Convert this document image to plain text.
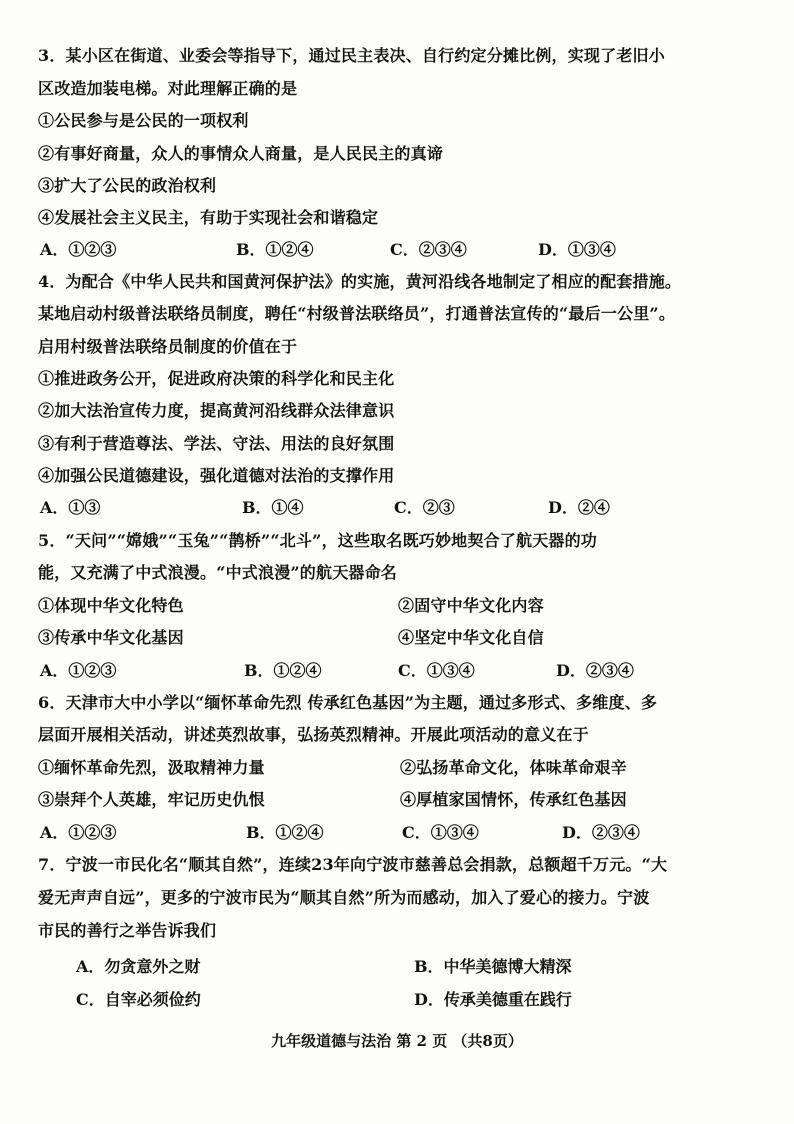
3．某小区在街道、业委会等指导下，通过民主表决、自行约定分摊比例，实现了老旧小
区改造加装电梯。对此理解正确的是
①公民参与是公民的一项权利
②有事好商量，众人的事情众人商量，是人民民主的真谛
③扩大了公民的政治权利
④发展社会主义民主，有助于实现社会和谐稳定
A．①②③	B．①②④	C．②③④	D．①③④
4．为配合《中华人民共和国黄河保护法》的实施，黄河沿线各地制定了相应的配套措施。
某地启动村级普法联络员制度，聘任“村级普法联络员”，打通普法宣传的“最后一公里”。
启用村级普法联络员制度的价值在于
①推进政务公开，促进政府决策的科学化和民主化
②加大法治宣传力度，提高黄河沿线群众法律意识
③有利于营造尊法、学法、守法、用法的良好氛围
④加强公民道德建设，强化道德对法治的支撑作用
A．①③	B．①④	C．②③	D．②④
5．“天问”“嫦娥”“玉兔”“鹊桥”“北斗”，这些取名既巧妙地契合了航天器的功
能，又充满了中式浪漫。“中式浪漫”的航天器命名
①体现中华文化特色	②固守中华文化内容
③传承中华文化基因	④坚定中华文化自信
A．①②③	B．①②④	C．①③④	D．②③④
6．天津市大中小学以“缅怀革命先烈 传承红色基因”为主题，通过多形式、多维度、多
层面开展相关活动，讲述英烈故事，弘扬英烈精神。开展此项活动的意义在于
①缅怀革命先烈，汲取精神力量	②弘扬革命文化，体味革命艰辛
③崇拜个人英雄，牢记历史仇恨	④厚植家国情怀，传承红色基因
A．①②③	B．①②④	C．①③④	D．②③④
7．宁波一市民化名“顺其自然”，连续23年向宁波市慈善总会捐款，总额超千万元。“大
爱无声声自远”，更多的宁波市民为“顺其自然”所为而感动，加入了爱心的接力。宁波
市民的善行之举告诉我们
A．勿贪意外之财	B．中华美德博大精深
C．自宰必须俭约	D．传承美德重在践行
九年级道德与法治 第 2 页 （共8页）
